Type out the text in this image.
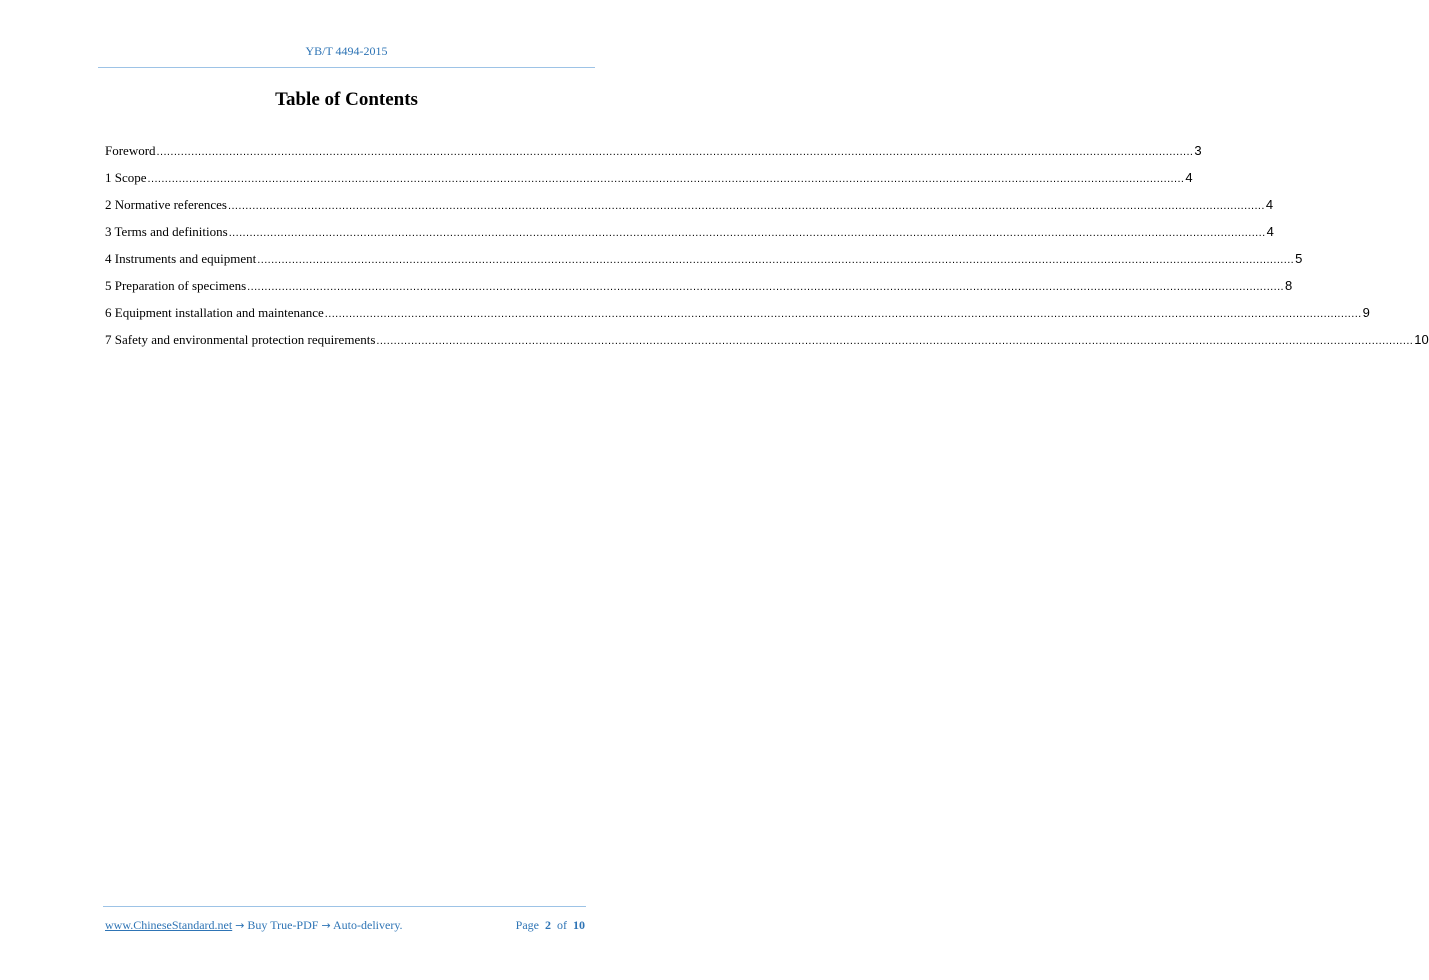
YB/T 4494-2015
Table of Contents
Foreword ............................................................................................................................................................................................................................................................................................................ 3
1 Scope ............................................................................................................................................................................................................................................................................................................ 4
2 Normative references ............................................................................................................................................................................................................................................................................................................ 4
3 Terms and definitions ............................................................................................................................................................................................................................................................................................................ 4
4 Instruments and equipment ............................................................................................................................................................................................................................................................................................................ 5
5 Preparation of specimens ............................................................................................................................................................................................................................................................................................................ 8
6 Equipment installation and maintenance ............................................................................................................................................................................................................................................................................................................ 9
7 Safety and environmental protection requirements ............................................................................................................................................................................................................................................................................................................ 10
www.ChineseStandard.net → Buy True-PDF → Auto-delivery.	Page 2 of 10
